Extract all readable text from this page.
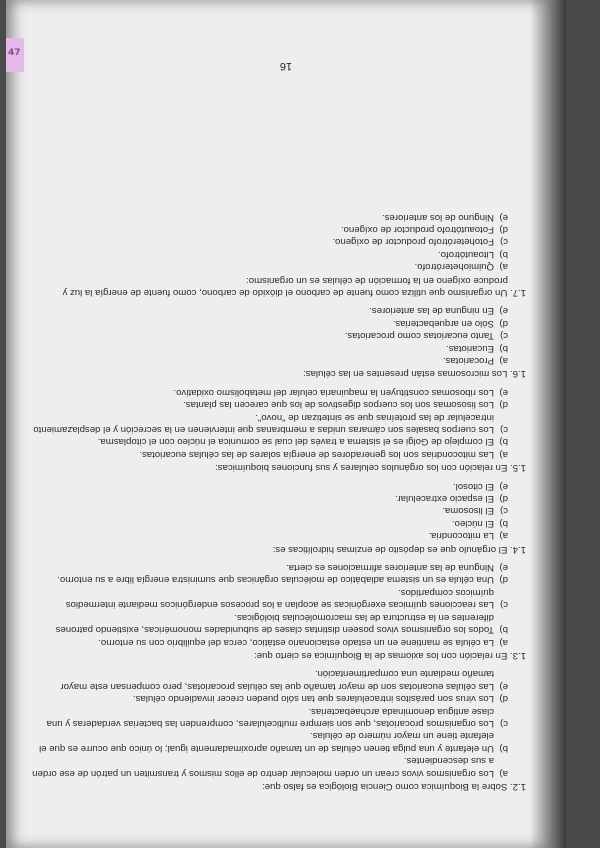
47
1.2. Sobre la Bioquímica como Ciencia Biológica es falso que:
a)Los organismos vivos crean un orden molecular dentro de ellos mismos y transmiten un patrón de ese orden a sus descendientes.
b)Un elefante y una pulga tienen células de un tamaño aproximadamente igual; lo único que ocurre es que el elefante tiene un mayor número de células.
c)Los organismos procariotas, que son siempre multicelulares, comprenden las bacterias verdaderas y una clase antigua denominada archaebacterias.
d)Los virus son parásitos intracelulares que tan sólo pueden crecer invadiendo células.
e)Las células eucariotas son de mayor tamaño que las células procariotas, pero compensan este mayor tamaño mediante una compartimentación.
1.3. En relación con los axiomas de la Bioquímica es cierto que:
a)La célula se mantiene en un estado estacionario estático, cerca del equilibrio con su entorno.
b)Todos los organismos vivos poseen distintas clases de subunidades monoméricas, existiendo patrones diferentes en la estructura de las macromoléculas biológicas.
c)Las reacciones químicas exergónicas se acoplan a los procesos endergónicos mediante intermedios químicos compartidos.
d)Una célula es un sistema adiabático de moléculas orgánicas que suministra energía libre a su entorno.
e)Ninguna de las anteriores afirmaciones es cierta.
1.4. El orgánulo que es depósito de enzimas hidrolíticas es:
a)La mitocondria.
b)El núcleo.
c)El lisosoma.
d)El espacio extracelular.
e)El citosol.
1.5. En relación con los orgánulos celulares y sus funciones bioquímicas:
a)Las mitocondrias son los generadores de energía solares de las células eucariotas.
b)El complejo de Golgi es el sistema a través del cual se comunica el núcleo con el citoplasma.
c)Los cuerpos basales son cámaras unidas a membranas que intervienen en la secreción y el desplazamiento intracelular de las proteínas que se sintetizan de "novo".
d)Los lisosomas son los cuerpos digestivos de los que carecen las plantas.
e)Los ribosomas constituyen la maquinaria celular del metabolismo oxidativo.
1.6. Los microsomas están presentes en las células:
a)Procariotas.
b)Eucariotas.
c)Tanto eucariotas como procariotas.
d)Sólo en arquebacterias.
e)En ninguna de las anteriores.
1.7. Un organismo que utiliza como fuente de carbono el dióxido de carbono, como fuente de energía la luz y produce oxígeno en la formación de células es un organismo:
a)Quimioheterótrofo.
b)Litoautótrofo.
c)Fotoheterótrofo productor de oxígeno.
d)Fotoautótrofo productor de oxígeno.
e)Ninguno de los anteriores.
16
